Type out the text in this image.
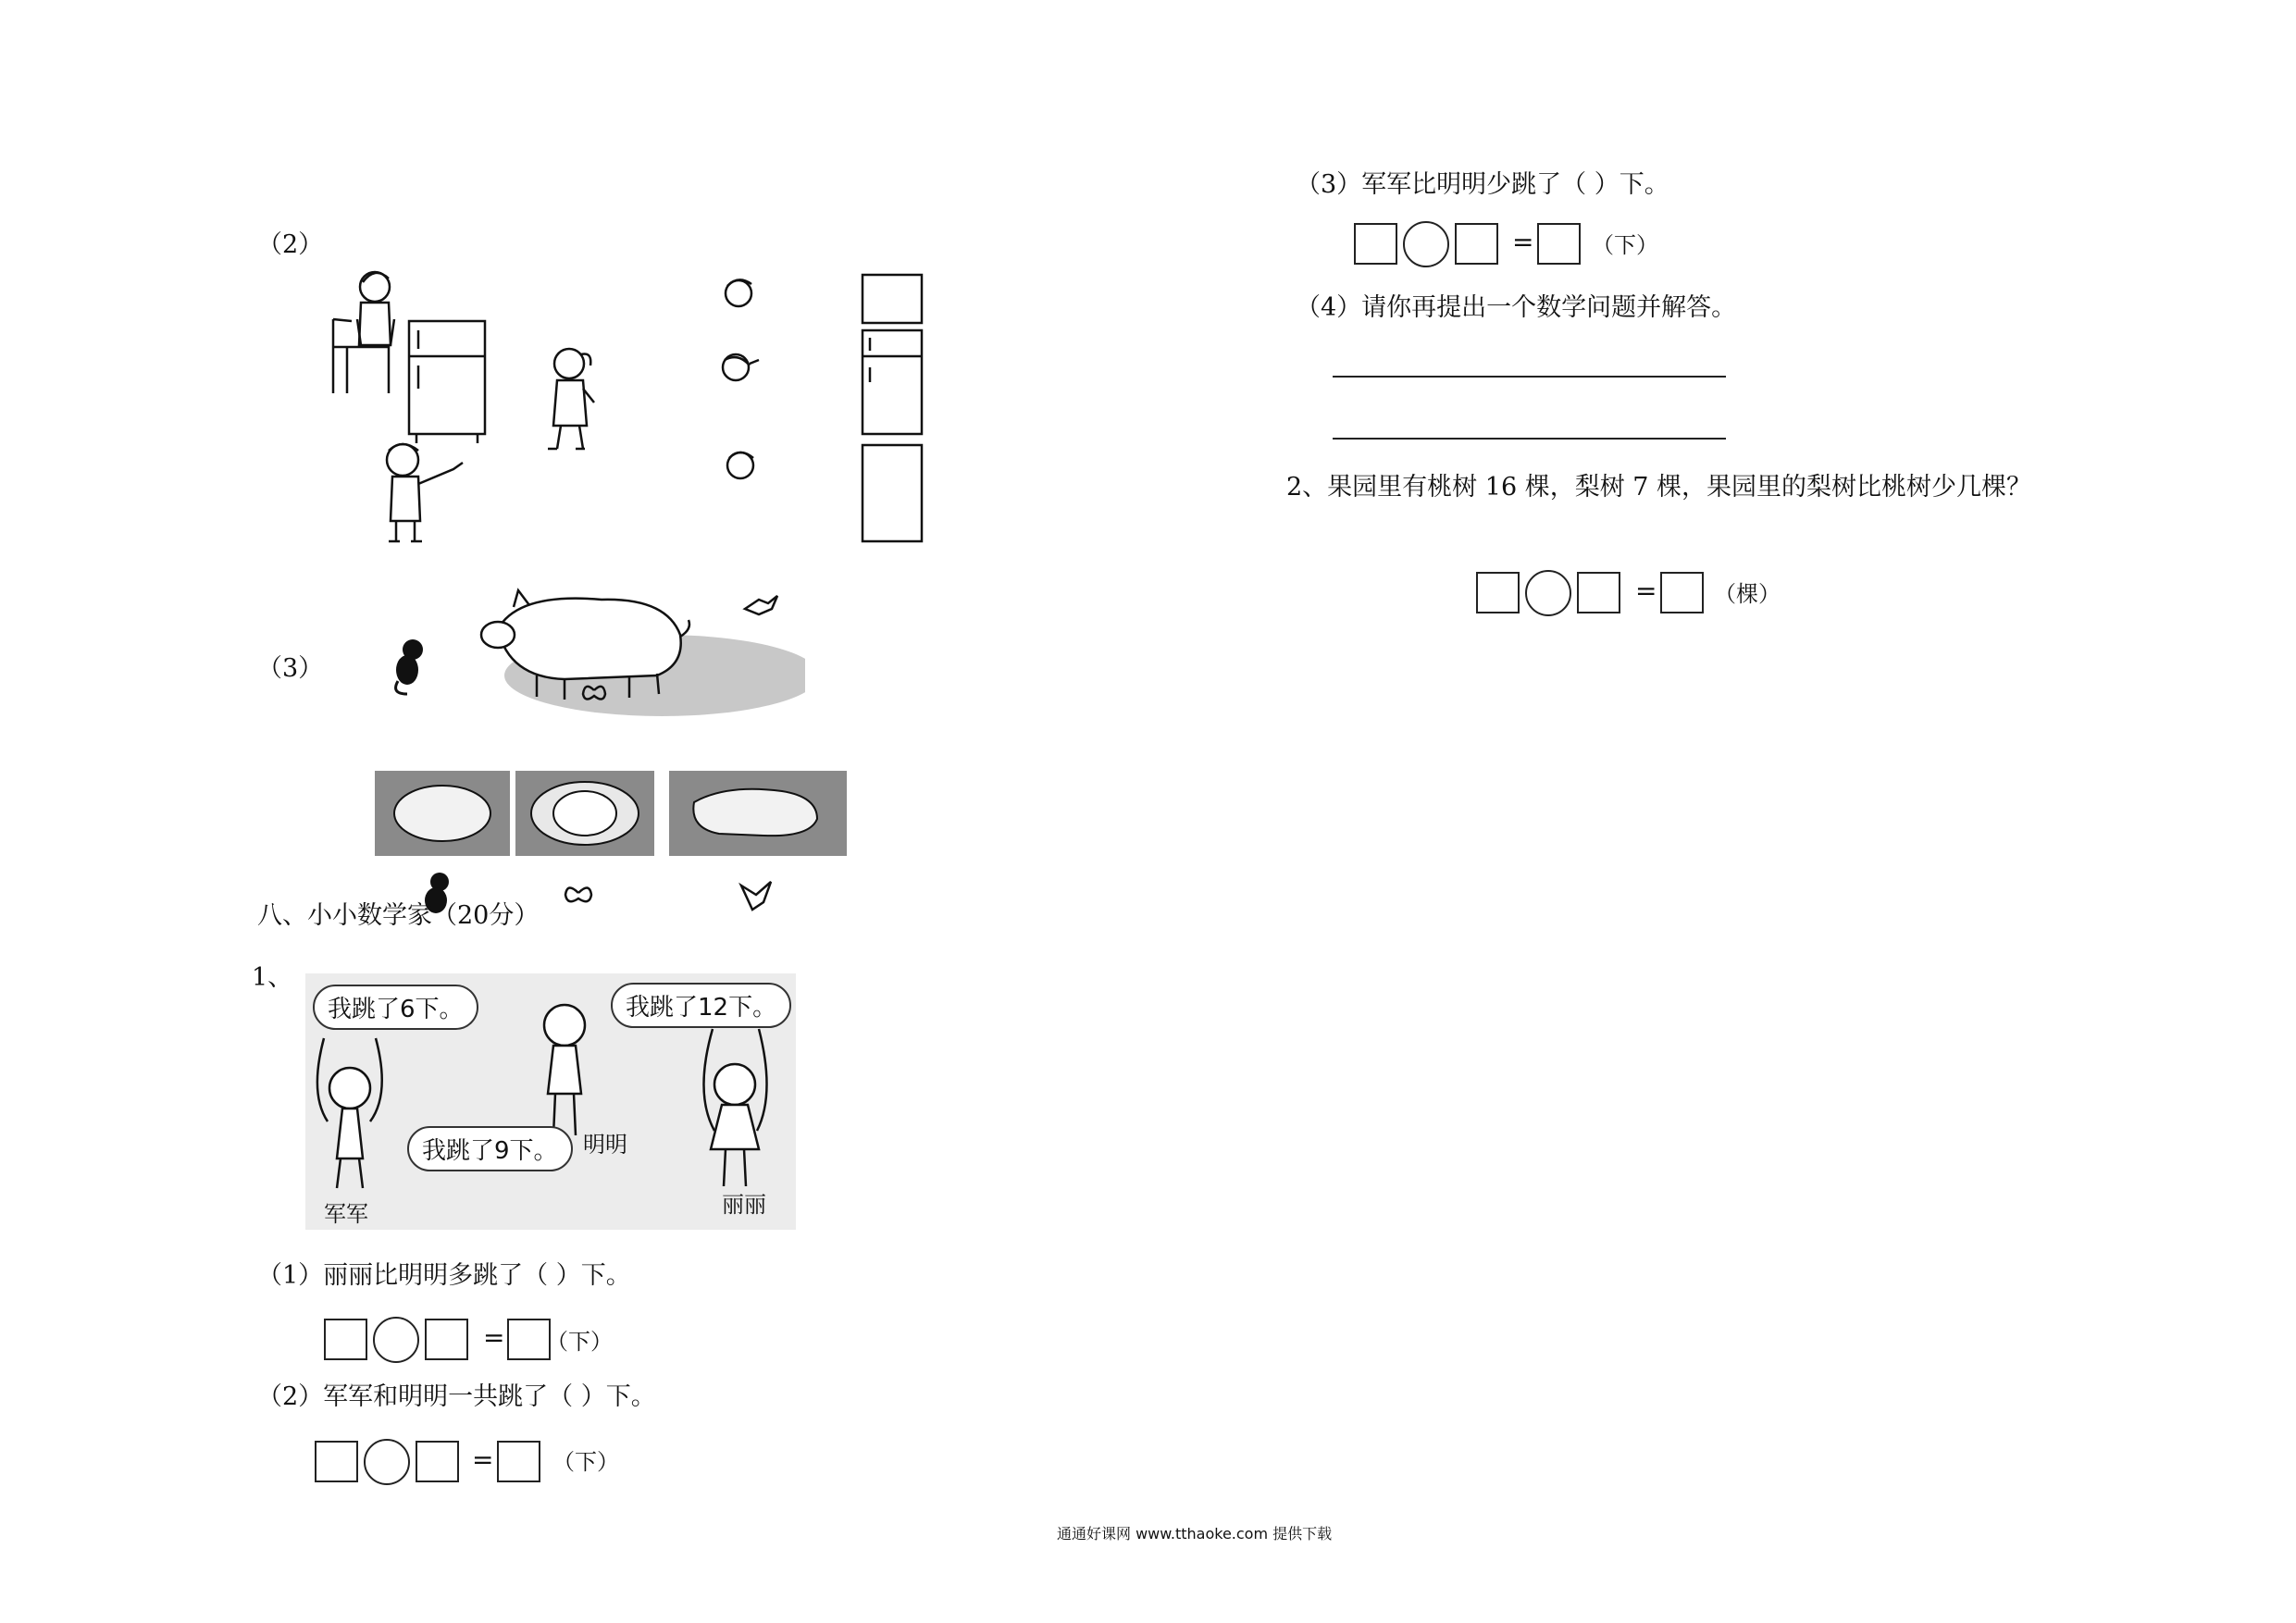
（2）
（3）
八、小小数学家（20分）
1、
我跳了6下。	我跳了12下。
我跳了9下。	明明
军军	丽丽
（1）丽丽比明明多跳了（ ）下。
= （下）
（2）军军和明明一共跳了（ ）下。
=	（下）
（3）军军比明明少跳了（ ）下。
=	（下）
（4）请你再提出一个数学问题并解答。
2、果园里有桃树 16 棵，梨树 7 棵，果园里的梨树比桃树少几棵？
=	（棵）
通通好课网 www.tthaoke.com 提供下载
